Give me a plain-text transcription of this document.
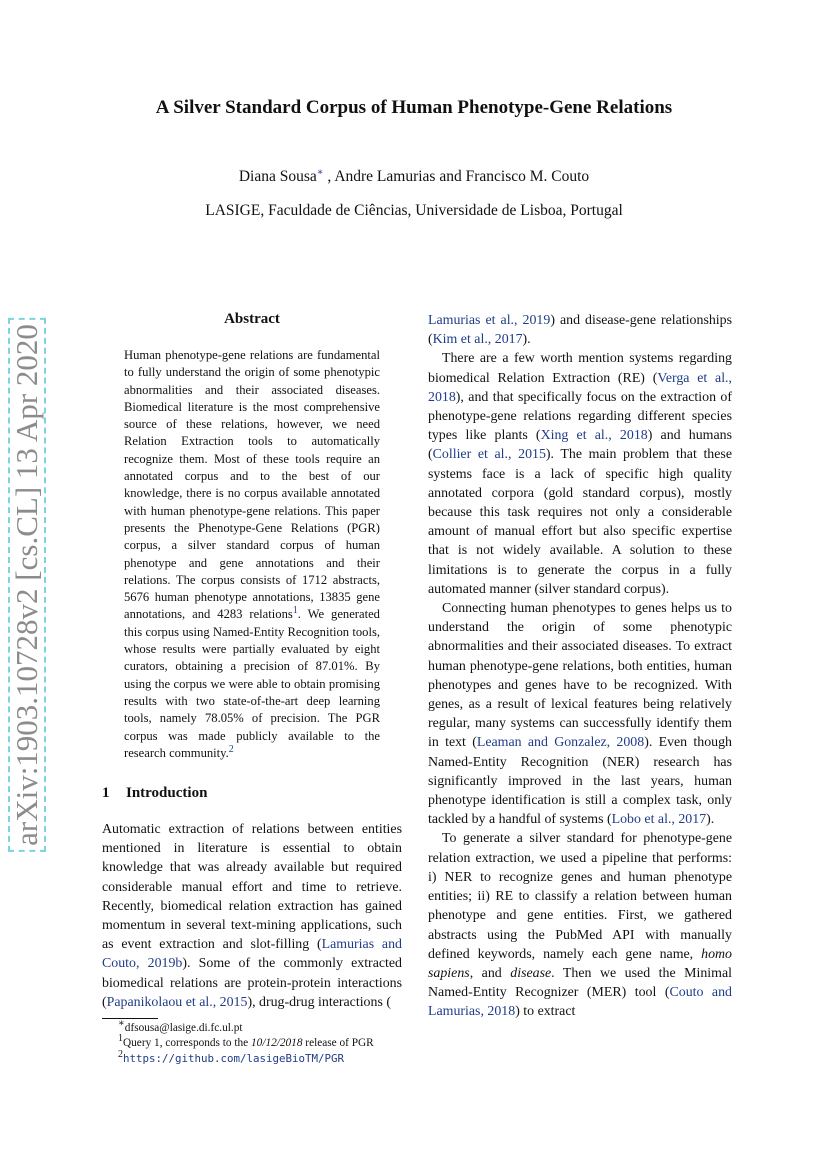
arXiv:1903.10728v2 [cs.CL] 13 Apr 2020
A Silver Standard Corpus of Human Phenotype-Gene Relations
Diana Sousa∗ , Andre Lamurias and Francisco M. Couto
LASIGE, Faculdade de Ciências, Universidade de Lisboa, Portugal
Abstract
Human phenotype-gene relations are fundamental to fully understand the origin of some phenotypic abnormalities and their associated diseases. Biomedical literature is the most comprehensive source of these relations, however, we need Relation Extraction tools to automatically recognize them. Most of these tools require an annotated corpus and to the best of our knowledge, there is no corpus available annotated with human phenotype-gene relations. This paper presents the Phenotype-Gene Relations (PGR) corpus, a silver standard corpus of human phenotype and gene annotations and their relations. The corpus consists of 1712 abstracts, 5676 human phenotype annotations, 13835 gene annotations, and 4283 relations$^1$. We generated this corpus using Named-Entity Recognition tools, whose results were partially evaluated by eight curators, obtaining a precision of 87.01%. By using the corpus we were able to obtain promising results with two state-of-the-art deep learning tools, namely 78.05% of precision. The PGR corpus was made publicly available to the research community.$^2$
1 Introduction

Automatic extraction of relations between entities mentioned in literature is essential to obtain knowledge that was already available but required considerable manual effort and time to retrieve. Recently, biomedical relation extraction has gained momentum in several text-mining applications, such as event extraction and slot-filling (Lamurias and Couto, 2019b). Some of the commonly extracted biomedical relations are protein-protein interactions (Papanikolaou et al., 2015), drug-drug interactions (

Lamurias et al., 2019) and disease-gene relationships (Kim et al., 2017).

There are a few worth mention systems regarding biomedical Relation Extraction (RE) (Verga et al., 2018), and that specifically focus on the extraction of phenotype-gene relations regarding different species types like plants (Xing et al., 2018) and humans (Collier et al., 2015). The main problem that these systems face is a lack of specific high quality annotated corpora (gold standard corpus), mostly because this task requires not only a considerable amount of manual effort but also specific expertise that is not widely available. A solution to these limitations is to generate the corpus in a fully automated manner (silver standard corpus).

Connecting human phenotypes to genes helps us to understand the origin of some phenotypic abnormalities and their associated diseases. To extract human phenotype-gene relations, both entities, human phenotypes and genes have to be recognized. With genes, as a result of lexical features being relatively regular, many systems can successfully identify them in text (Leaman and Gonzalez, 2008). Even though Named-Entity Recognition (NER) research has significantly improved in the last years, human phenotype identification is still a complex task, only tackled by a handful of systems (Lobo et al., 2017).

To generate a silver standard for phenotype-gene relation extraction, we used a pipeline that performs: i) NER to recognize genes and human phenotype entities; ii) RE to classify a relation between human phenotype and gene entities. First, we gathered abstracts using the PubMed API with manually defined keywords, namely each gene name, homo sapiens, and disease. Then we used the Minimal Named-Entity Recognizer (MER) tool (Couto and Lamurias, 2018) to extract

∗dfsousa@lasige.di.fc.ul.pt
1Query 1, corresponds to the 10/12/2018 release of PGR
2https://github.com/lasigeBioTM/PGR
